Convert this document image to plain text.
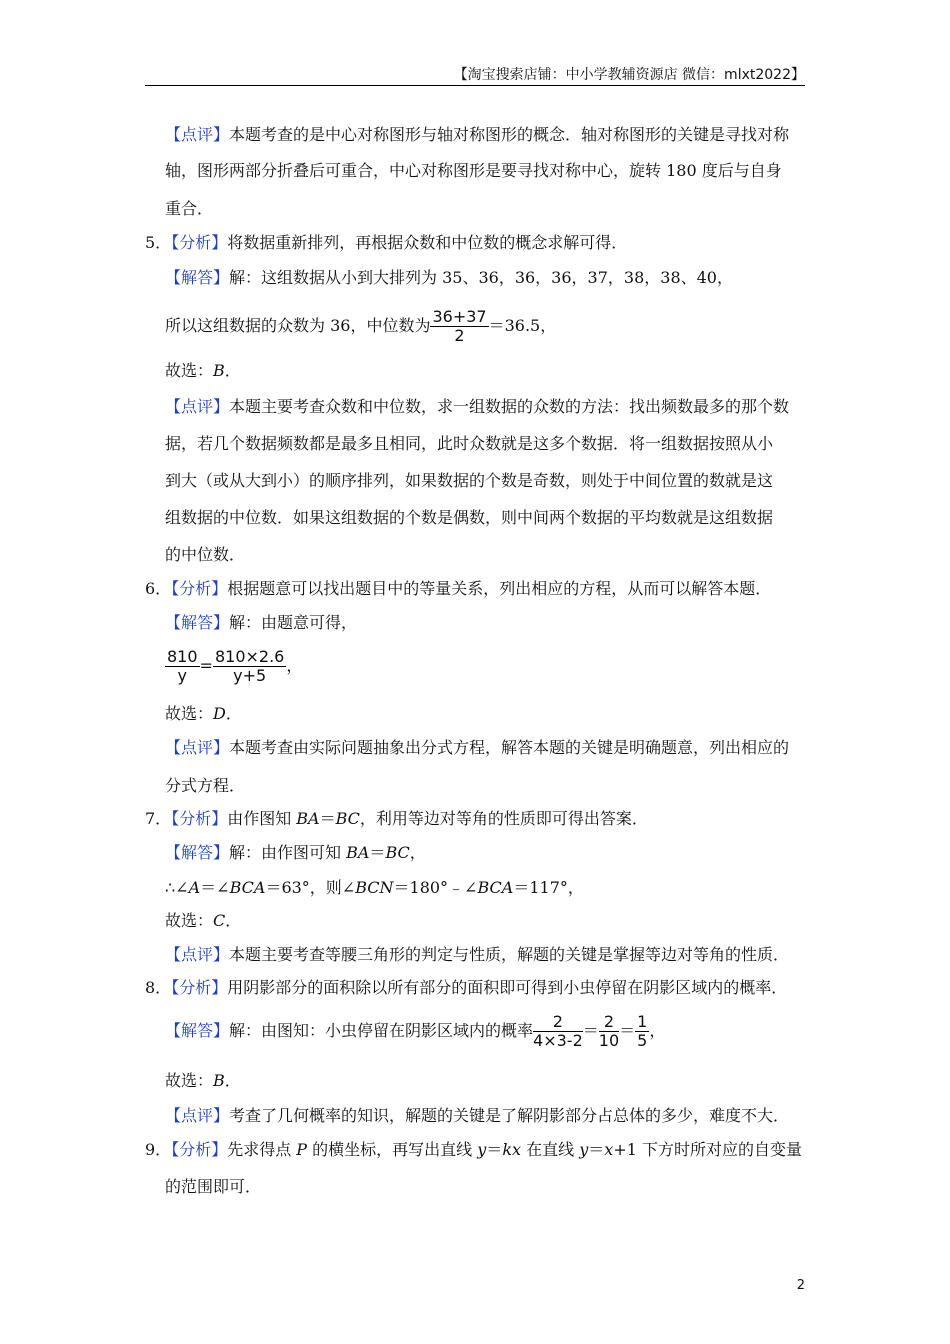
【淘宝搜索店铺：中小学教辅资源店 微信：mlxt2022】
【点评】本题考查的是中心对称图形与轴对称图形的概念．轴对称图形的关键是寻找对称
轴，图形两部分折叠后可重合，中心对称图形是要寻找对称中心，旋转 180 度后与自身
重合．
5．【分析】将数据重新排列，再根据众数和中位数的概念求解可得．
【解答】解：这组数据从小到大排列为 35、36，36，36，37，38，38、40，
所以这组数据的众数为 36，中位数为 $\frac{36+37}{2} =36.5$，
故选：B．
【点评】本题主要考查众数和中位数，求一组数据的众数的方法：找出频数最多的那个数
据，若几个数据频数都是最多且相同，此时众数就是这多个数据．将一组数据按照从小
到大（或从大到小）的顺序排列，如果数据的个数是奇数，则处于中间位置的数就是这
组数据的中位数．如果这组数据的个数是偶数，则中间两个数据的平均数就是这组数据
的中位数．
6．【分析】根据题意可以找出题目中的等量关系，列出相应的方程，从而可以解答本题．
【解答】解：由题意可得，
$\frac{810}{y} = \frac{810\times 2.6}{y+5}$ ，
故选：D．
【点评】本题考查由实际问题抽象出分式方程，解答本题的关键是明确题意，列出相应的
分式方程．
7．【分析】由作图知 BA＝BC，利用等边对等角的性质即可得出答案．
【解答】解：由作图可知 BA＝BC，
∴∠A＝∠BCA＝63°，则∠BCN＝180°﹣∠BCA＝117°，
故选：C．
【点评】本题主要考查等腰三角形的判定与性质，解题的关键是掌握等边对等角的性质．
8．【分析】用阴影部分的面积除以所有部分的面积即可得到小虫停留在阴影区域内的概率．
【解答】解：由图知：小虫停留在阴影区域内的概率 $\frac{2}{4\times 3-2} = \frac{2}{10} = \frac{1}{5}$ ，
故选：B．
【点评】考查了几何概率的知识，解题的关键是了解阴影部分占总体的多少，难度不大．
9．【分析】先求得点 P 的横坐标，再写出直线 y＝kx 在直线 y＝x+1 下方时所对应的自变量
的范围即可．
2
